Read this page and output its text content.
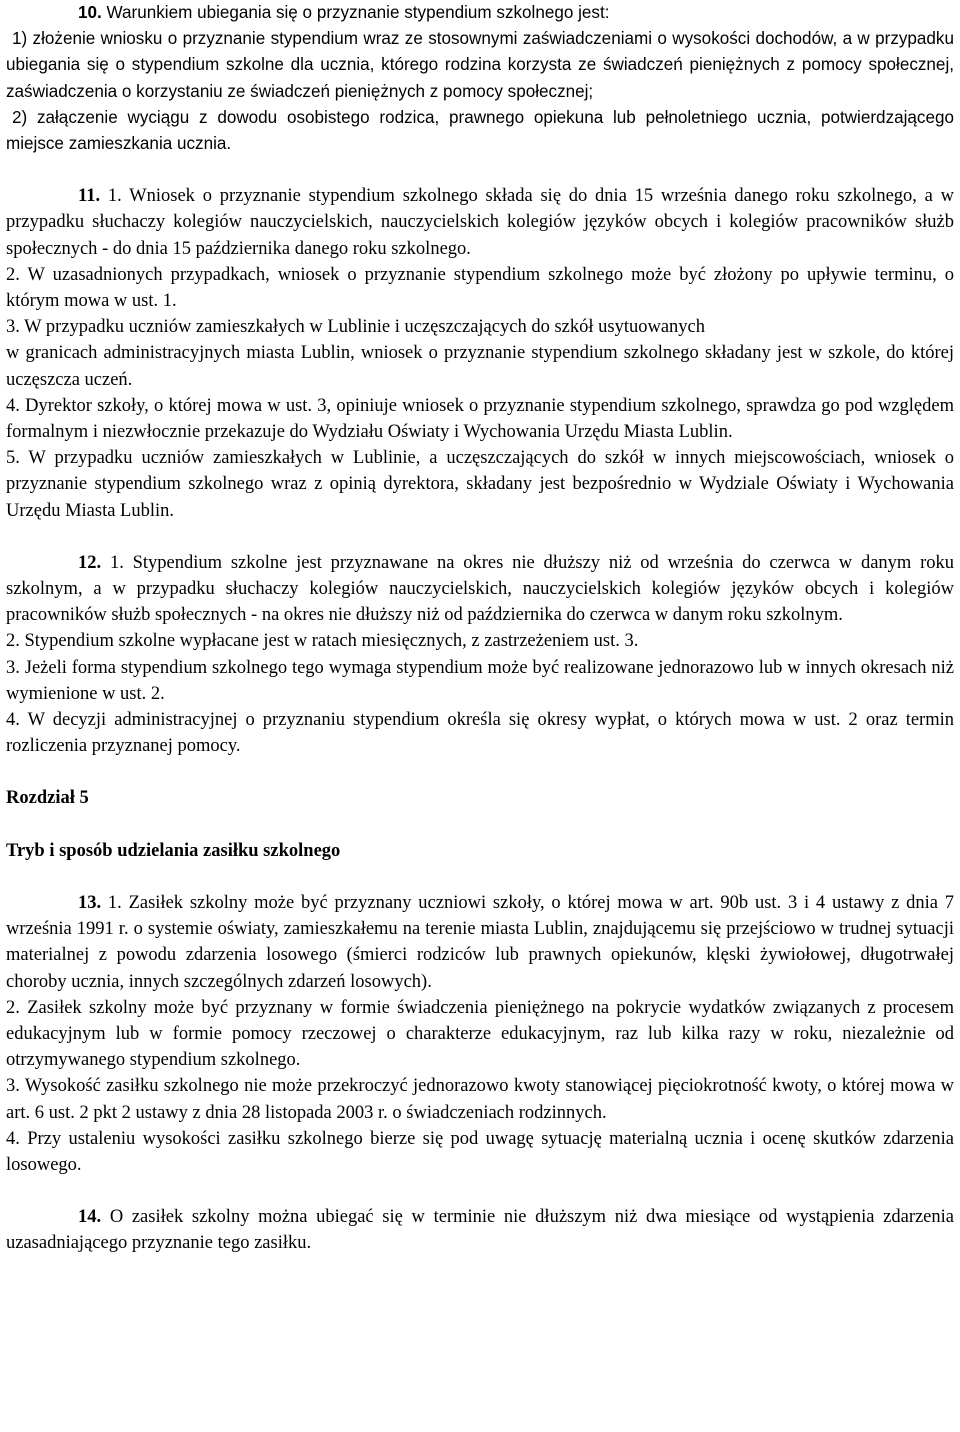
10. Warunkiem ubiegania się o przyznanie stypendium szkolnego jest:

1) złożenie wniosku o przyznanie stypendium wraz ze stosownymi zaświadczeniami o wysokości dochodów, a w przypadku ubiegania się o stypendium szkolne dla ucznia, którego rodzina korzysta ze świadczeń pieniężnych z pomocy społecznej, zaświadczenia o korzystaniu ze świadczeń pieniężnych z pomocy społecznej;

2) załączenie wyciągu z dowodu osobistego rodzica, prawnego opiekuna lub pełnoletniego ucznia, potwierdzającego miejsce zamieszkania ucznia.

11. 1. Wniosek o przyznanie stypendium szkolnego składa się do dnia 15 września danego roku szkolnego, a w przypadku słuchaczy kolegiów nauczycielskich, nauczycielskich kolegiów języków obcych i kolegiów pracowników służb społecznych - do dnia 15 października danego roku szkolnego.

2. W uzasadnionych przypadkach, wniosek o przyznanie stypendium szkolnego może być złożony po upływie terminu, o którym mowa w ust. 1.

3. W przypadku uczniów zamieszkałych w Lublinie i uczęszczających do szkół usytuowanych

w granicach administracyjnych miasta Lublin, wniosek o przyznanie stypendium szkolnego składany jest w szkole, do której uczęszcza uczeń.

4. Dyrektor szkoły, o której mowa w ust. 3, opiniuje wniosek o przyznanie stypendium szkolnego, sprawdza go pod względem formalnym i niezwłocznie przekazuje do Wydziału Oświaty i Wychowania Urzędu Miasta Lublin.

5. W przypadku uczniów zamieszkałych w Lublinie, a uczęszczających do szkół w innych miejscowościach, wniosek o przyznanie stypendium szkolnego wraz z opinią dyrektora, składany jest bezpośrednio w Wydziale Oświaty i Wychowania Urzędu Miasta Lublin.

12. 1. Stypendium szkolne jest przyznawane na okres nie dłuższy niż od września do czerwca w danym roku szkolnym, a w przypadku słuchaczy kolegiów nauczycielskich, nauczycielskich kolegiów języków obcych i kolegiów pracowników służb społecznych - na okres nie dłuższy niż od października do czerwca w danym roku szkolnym.

2. Stypendium szkolne wypłacane jest w ratach miesięcznych, z zastrzeżeniem ust. 3.

3. Jeżeli forma stypendium szkolnego tego wymaga stypendium może być realizowane jednorazowo lub w innych okresach niż wymienione w ust. 2.

4. W decyzji administracyjnej o przyznaniu stypendium określa się okresy wypłat, o których mowa w ust. 2 oraz termin rozliczenia przyznanej pomocy.

Rozdział 5

Tryb i sposób udzielania zasiłku szkolnego

13. 1. Zasiłek szkolny może być przyznany uczniowi szkoły, o której mowa w art. 90b ust. 3 i 4 ustawy z dnia 7 września 1991 r. o systemie oświaty, zamieszkałemu na terenie miasta Lublin, znajdującemu się przejściowo w trudnej sytuacji materialnej z powodu zdarzenia losowego (śmierci rodziców lub prawnych opiekunów, klęski żywiołowej, długotrwałej choroby ucznia, innych szczególnych zdarzeń losowych).

2. Zasiłek szkolny może być przyznany w formie świadczenia pieniężnego na pokrycie wydatków związanych z procesem edukacyjnym lub w formie pomocy rzeczowej o charakterze edukacyjnym, raz lub kilka razy w roku, niezależnie od otrzymywanego stypendium szkolnego.

3. Wysokość zasiłku szkolnego nie może przekroczyć jednorazowo kwoty stanowiącej pięciokrotność kwoty, o której mowa w art. 6 ust. 2 pkt 2 ustawy z dnia 28 listopada 2003 r. o świadczeniach rodzinnych.

4. Przy ustaleniu wysokości zasiłku szkolnego bierze się pod uwagę sytuację materialną ucznia i ocenę skutków zdarzenia losowego.

14. O zasiłek szkolny można ubiegać się w terminie nie dłuższym niż dwa miesiące od wystąpienia zdarzenia uzasadniającego przyznanie tego zasiłku.
